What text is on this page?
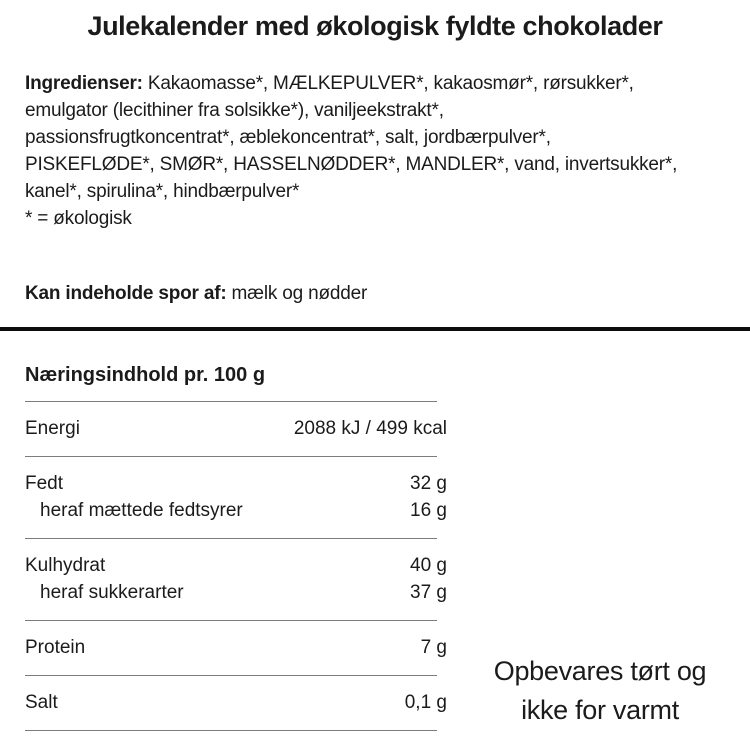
Julekalender med økologisk fyldte chokolader

Ingredienser: Kakaomasse*, MÆLKEPULVER*, kakaosmør*, rørsukker*,
emulgator (lecithiner fra solsikke*), vaniljeekstrakt*,
passionsfrugtkoncentrat*, æblekoncentrat*, salt, jordbærpulver*,
PISKEFLØDE*, SMØR*, HASSELNØDDER*, MANDLER*, vand, invertsukker*,
kanel*, spirulina*, hindbærpulver*
* = økologisk

Kan indeholde spor af: mælk og nødder

Næringsindhold pr. 100 g
Energi	2088 kJ / 499 kcal
Fedt	32 g
heraf mættede fedtsyrer	16 g
Kulhydrat	40 g
heraf sukkerarter	37 g
Protein	7 g
Salt	0,1 g
Opbevares tørt og
ikke for varmt
